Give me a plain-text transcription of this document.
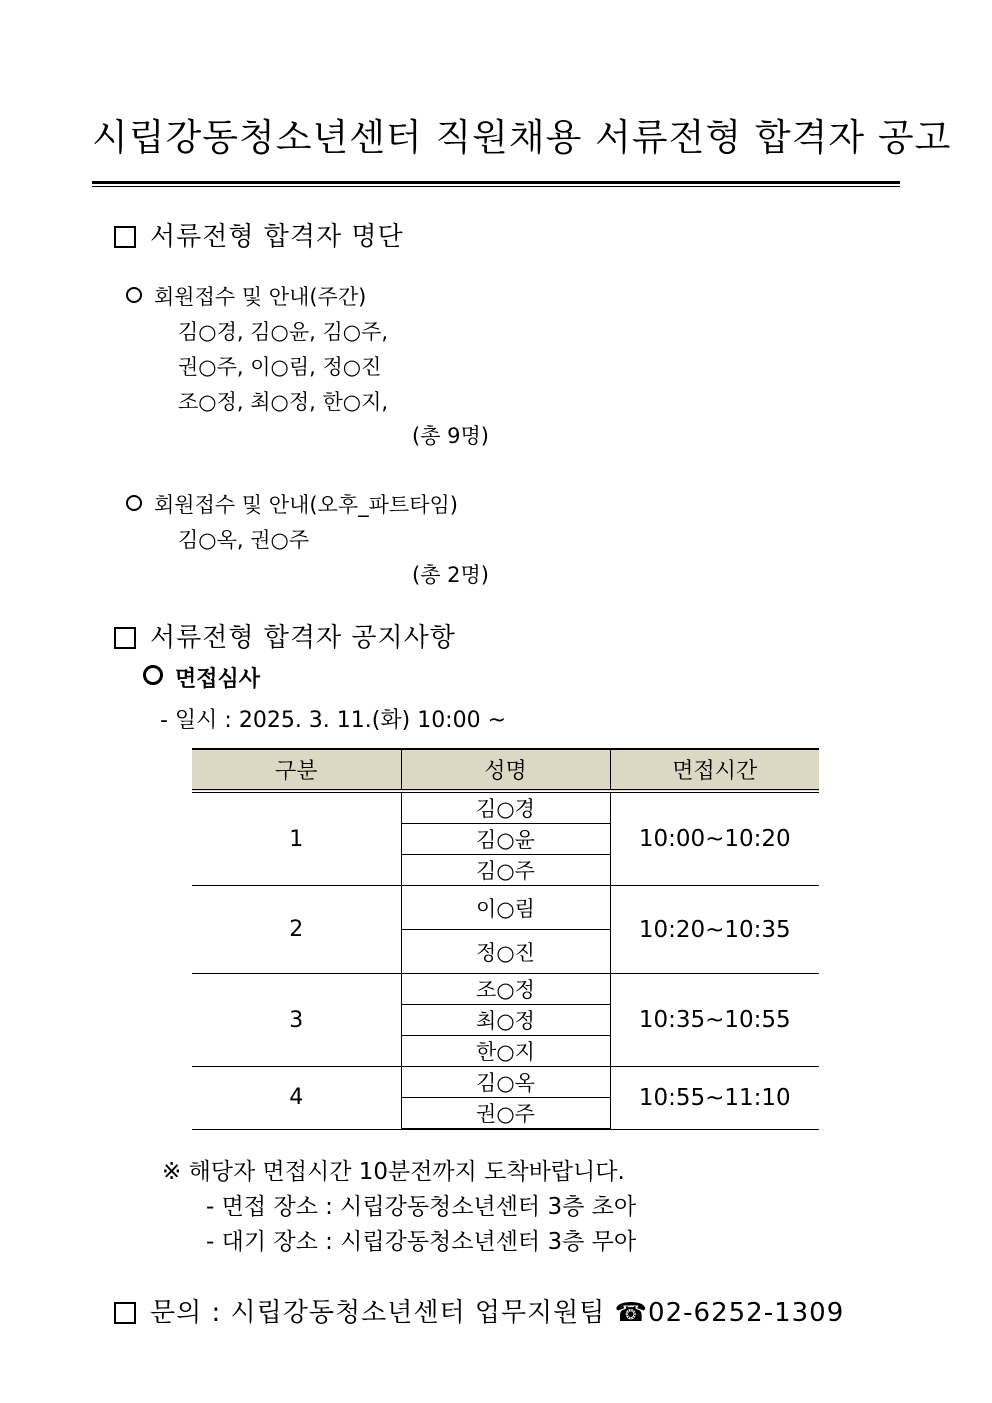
시립강동청소년센터 직원채용 서류전형 합격자 공고
서류전형 합격자 명단
회원접수 및 안내(주간)
김○경, 김○윤, 김○주,
권○주, 이○림, 정○진
조○정, 최○정, 한○지,
(총 9명)
회원접수 및 안내(오후_파트타임)
김○옥, 권○주
(총 2명)
서류전형 합격자 공지사항
면접심사
- 일시 : 2025. 3. 11.(화) 10:00 ~
구분	성명	면접시간
1	김○경	10:00~10:20
	김○윤	
	김○주	
2	이○림	10:20~10:35
	정○진	
3	조○정	10:35~10:55
	최○정	
	한○지	
4	김○옥	10:55~11:10
	권○주	
※ 해당자 면접시간 10분전까지 도착바랍니다.
- 면접 장소 : 시립강동청소년센터 3층 초아
- 대기 장소 : 시립강동청소년센터 3층 무아
문의 : 시립강동청소년센터 업무지원팀 ☎02-6252-1309
